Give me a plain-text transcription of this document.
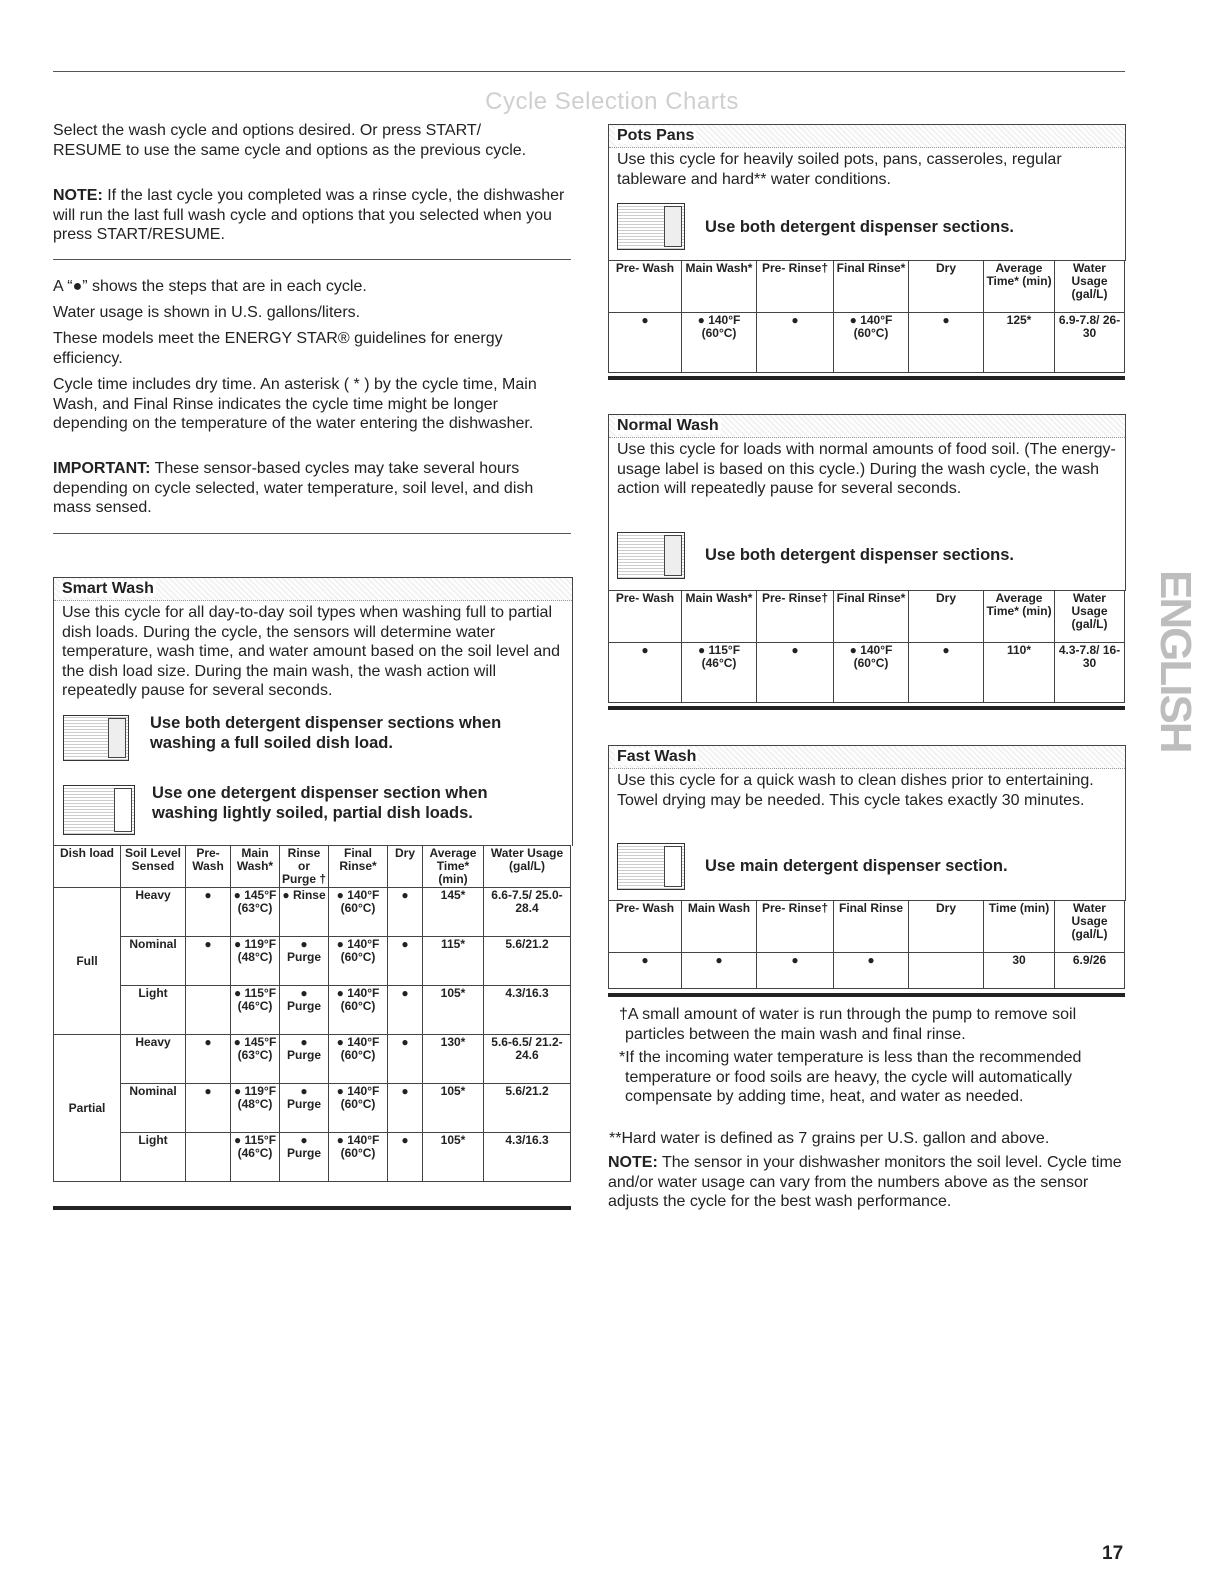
Cycle Selection Charts

Select the wash cycle and options desired. Or press START/ RESUME to use the same cycle and options as the previous cycle.

NOTE: If the last cycle you completed was a rinse cycle, the dishwasher will run the last full wash cycle and options that you selected when you press START/RESUME.

A “●” shows the steps that are in each cycle.

Water usage is shown in U.S. gallons/liters.

These models meet the ENERGY STAR® guidelines for energy efficiency.

Cycle time includes dry time. An asterisk ( * ) by the cycle time, Main Wash, and Final Rinse indicates the cycle time might be longer depending on the temperature of the water entering the dishwasher.

IMPORTANT: These sensor-based cycles may take several hours depending on cycle selected, water temperature, soil level, and dish mass sensed.

Smart Wash
Use this cycle for all day-to-day soil types when washing full to partial dish loads. During the cycle, the sensors will determine water temperature, wash time, and water amount based on the soil level and the dish load size. During the main wash, the wash action will repeatedly pause for several seconds.
Use both detergent dispenser sections when washing a full soiled dish load.
Use one detergent dispenser section when washing lightly soiled, partial dish loads.
Dish load	Soil Level Sensed	Pre- Wash	Main Wash*	Rinse or Purge †	Final Rinse*	Dry	Average Time* (min)	Water Usage (gal/L)
Full	Heavy	●	● 145°F (63°C)	● Rinse	● 140°F (60°C)	●	145*	6.6-7.5/ 25.0-28.4
	Nominal	●	● 119°F (48°C)	● Purge	● 140°F (60°C)	●	115*	5.6/21.2
	Light		● 115°F (46°C)	● Purge	● 140°F (60°C)	●	105*	4.3/16.3
Partial	Heavy	●	● 145°F (63°C)	● Purge	● 140°F (60°C)	●	130*	5.6-6.5/ 21.2-24.6
	Nominal	●	● 119°F (48°C)	● Purge	● 140°F (60°C)	●	105*	5.6/21.2
	Light		● 115°F (46°C)	● Purge	● 140°F (60°C)	●	105*	4.3/16.3
Pots Pans
Use this cycle for heavily soiled pots, pans, casseroles, regular tableware and hard** water conditions.
Use both detergent dispenser sections.
Pre- Wash	Main Wash*	Pre- Rinse†	Final Rinse*	Dry	Average Time* (min)	Water Usage (gal/L)
●	● 140°F (60°C)	●	● 140°F (60°C)	●	125*	6.9-7.8/ 26-30
Normal Wash
Use this cycle for loads with normal amounts of food soil. (The energy-usage label is based on this cycle.) During the wash cycle, the wash action will repeatedly pause for several seconds.
Use both detergent dispenser sections.
Pre- Wash	Main Wash*	Pre- Rinse†	Final Rinse*	Dry	Average Time* (min)	Water Usage (gal/L)
●	● 115°F (46°C)	●	● 140°F (60°C)	●	110*	4.3-7.8/ 16-30
Fast Wash
Use this cycle for a quick wash to clean dishes prior to entertaining. Towel drying may be needed. This cycle takes exactly 30 minutes.
Use main detergent dispenser section.
Pre- Wash	Main Wash	Pre- Rinse†	Final Rinse	Dry	Time (min)	Water Usage (gal/L)
●	●	●	●		30	6.9/26

†A small amount of water is run through the pump to remove soil particles between the main wash and final rinse.

*If the incoming water temperature is less than the recommended temperature or food soils are heavy, the cycle will automatically compensate by adding time, heat, and water as needed.

**Hard water is defined as 7 grains per U.S. gallon and above.

NOTE: The sensor in your dishwasher monitors the soil level. Cycle time and/or water usage can vary from the numbers above as the sensor adjusts the cycle for the best wash performance.

ENGLISH
17
